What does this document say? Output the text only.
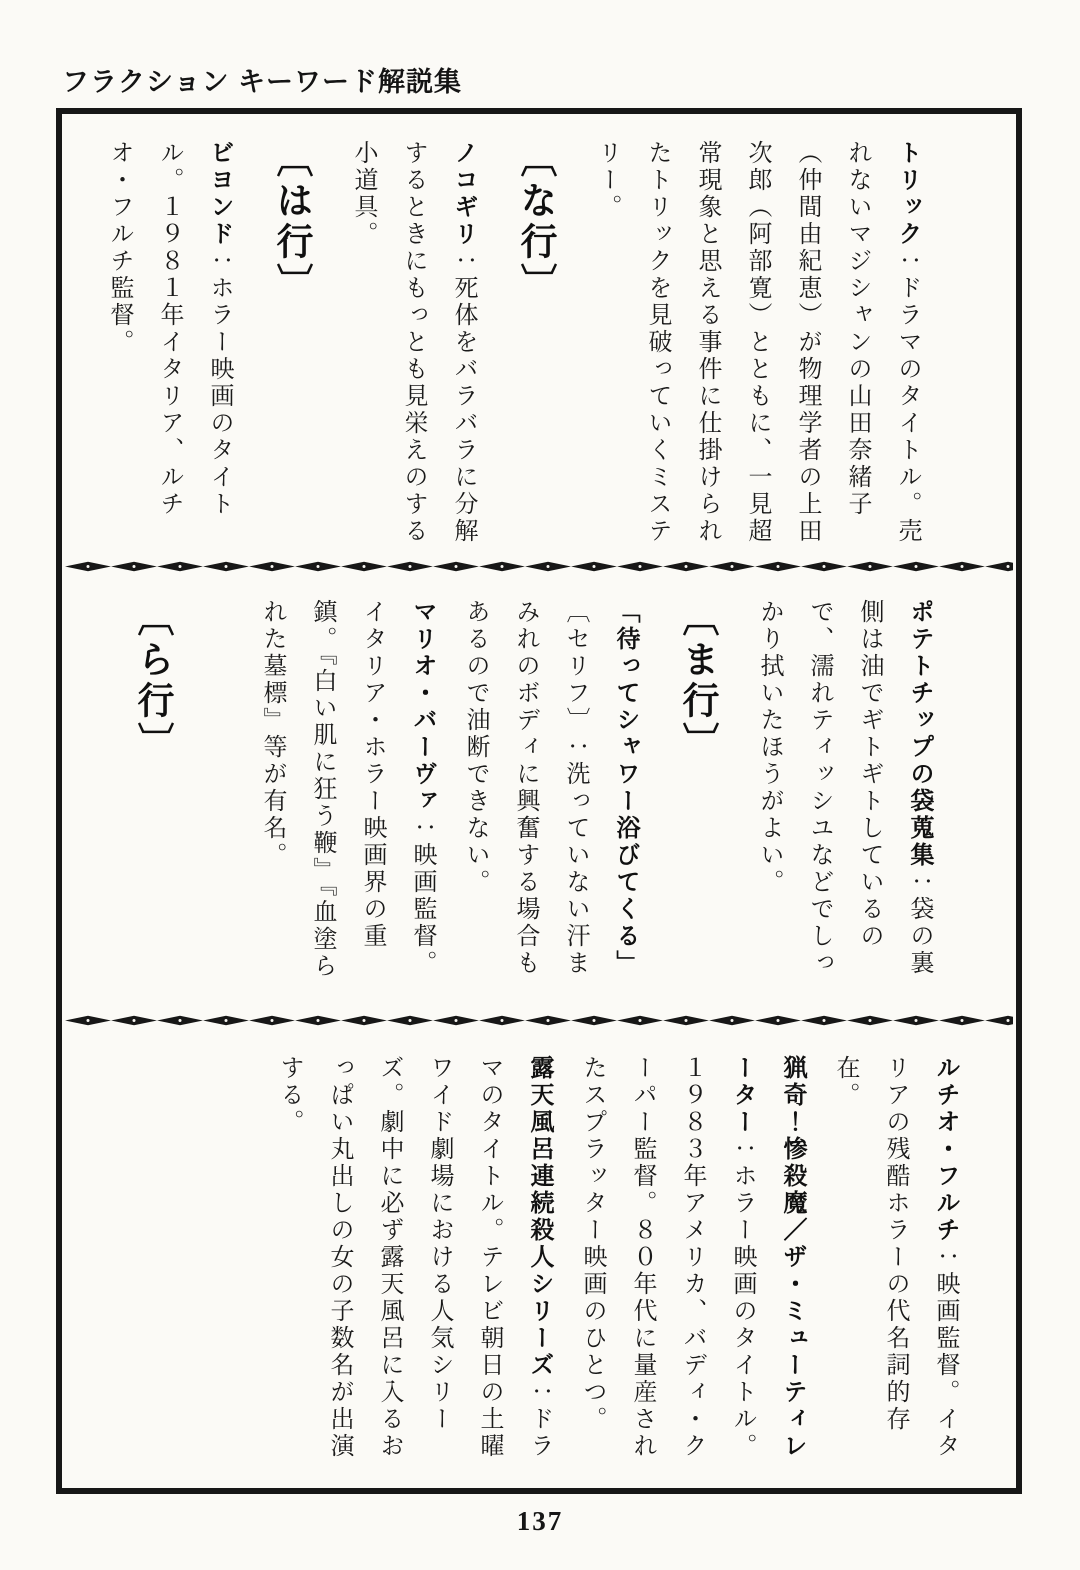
フラクション キーワード解説集

トリック：ドラマのタイトル。売れないマジシャンの山田奈緒子（仲間由紀恵）が物理学者の上田次郎（阿部寛）とともに、一見超常現象と思える事件に仕掛けられたトリックを見破っていくミステリー。

〔な行〕

ノコギリ：死体をバラバラに分解するときにもっとも見栄えのする小道具。

〔は行〕

ビヨンド：ホラー映画のタイトル。１９８１年イタリア、ルチオ・フルチ監督。

ポテトチップの袋蒐集：袋の裏側は油でギトギトしているので、濡れティッシユなどでしっかり拭いたほうがよい。

〔ま行〕

「待ってシャワー浴びてくる」〔セリフ〕：洗っていない汗まみれのボディに興奮する場合もあるので油断できない。

マリオ・バーヴァ：映画監督。イタリア・ホラー映画界の重鎮。『白い肌に狂う鞭』『血塗られた墓標』等が有名。

〔ら行〕

ルチオ・フルチ：映画監督。イタリアの残酷ホラーの代名詞的存在。

猟奇！惨殺魔／ザ・ミューティレーター：ホラー映画のタイトル。１９８３年アメリカ、バディ・クーパー監督。８０年代に量産されたスプラッター映画のひとつ。

露天風呂連続殺人シリーズ：ドラマのタイトル。テレビ朝日の土曜ワイド劇場における人気シリーズ。劇中に必ず露天風呂に入るおっぱい丸出しの女の子数名が出演する。

137
